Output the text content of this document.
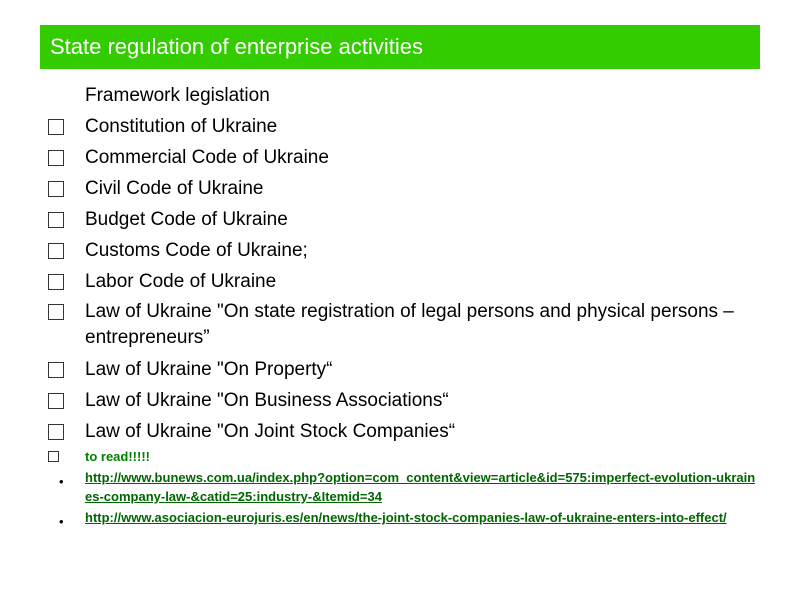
State regulation of enterprise activities
Framework legislation
Constitution of Ukraine
Commercial Code of Ukraine
Civil Code of Ukraine
Budget Code of Ukraine
Customs Code of Ukraine;
Labor Code of Ukraine
Law of Ukraine "On state registration of legal persons and physical persons – entrepreneurs”
Law of Ukraine "On Property“
Law of Ukraine "On Business Associations“
Law of Ukraine "On Joint Stock Companies“
to read!!!!!
• http://www.bunews.com.ua/index.php?option=com_content&view=article&id=575:imperfect-evolution-ukraines-company-law-&catid=25:industry-&Itemid=34
• http://www.asociacion-eurojuris.es/en/news/the-joint-stock-companies-law-of-ukraine-enters-into-effect/
